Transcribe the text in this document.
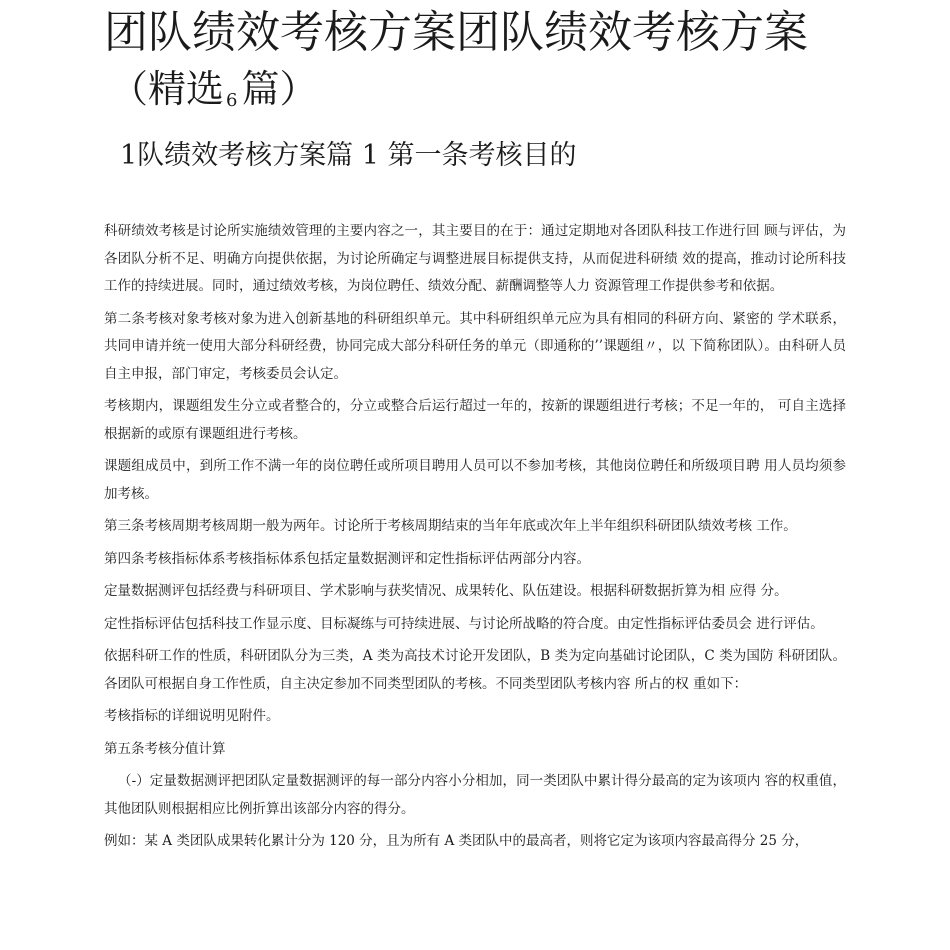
团队绩效考核方案团队绩效考核方案
（精选 6 篇）
1队绩效考核方案篇 1 第一条考核目的

科研绩效考核是讨论所实施绩效管理的主要内容之一，其主要目的在于：通过定期地对各团队科技工作进行回 顾与评估，为各团队分析不足、明确方向提供依据，为讨论所确定与调整进展目标提供支持，从而促进科研绩 效的提高，推动讨论所科技工作的持续进展。同时，通过绩效考核，为岗位聘任、绩效分配、薪酬调整等人力 资源管理工作提供参考和依据。

第二条考核对象考核对象为进入创新基地的科研组织单元。其中科研组织单元应为具有相同的科研方向、紧密的 学术联系，共同申请并统一使用大部分科研经费，协同完成大部分科研任务的单元（即通称的’’课题组〃，以 下简称团队）。由科研人员自主申报，部门审定，考核委员会认定。

考核期内，课题组发生分立或者整合的，分立或整合后运行超过一年的，按新的课题组进行考核；不足一年的， 可自主选择根据新的或原有课题组进行考核。

课题组成员中，到所工作不满一年的岗位聘任或所项目聘用人员可以不参加考核，其他岗位聘任和所级项目聘 用人员均须参加考核。

第三条考核周期考核周期一般为两年。讨论所于考核周期结束的当年年底或次年上半年组织科研团队绩效考核 工作。

第四条考核指标体系考核指标体系包括定量数据测评和定性指标评估两部分内容。

定量数据测评包括经费与科研项目、学术影响与获奖情况、成果转化、队伍建设。根据科研数据折算为相 应得 分。

定性指标评估包括科技工作显示度、目标凝练与可持续进展、与讨论所战略的符合度。由定性指标评估委员会 进行评估。

依据科研工作的性质，科研团队分为三类，A 类为高技术讨论开发团队，B 类为定向基础讨论团队，C 类为国防 科研团队。各团队可根据自身工作性质，自主决定参加不同类型团队的考核。不同类型团队考核内容 所占的权 重如下：

考核指标的详细说明见附件。

第五条考核分值计算

（-）定量数据测评把团队定量数据测评的每一部分内容小分相加，同一类团队中累计得分最高的定为该项内 容的权重值，其他团队则根据相应比例折算出该部分内容的得分。

例如：某 A 类团队成果转化累计分为 120 分，且为所有 A 类团队中的最高者，则将它定为该项内容最高得分 25 分，
